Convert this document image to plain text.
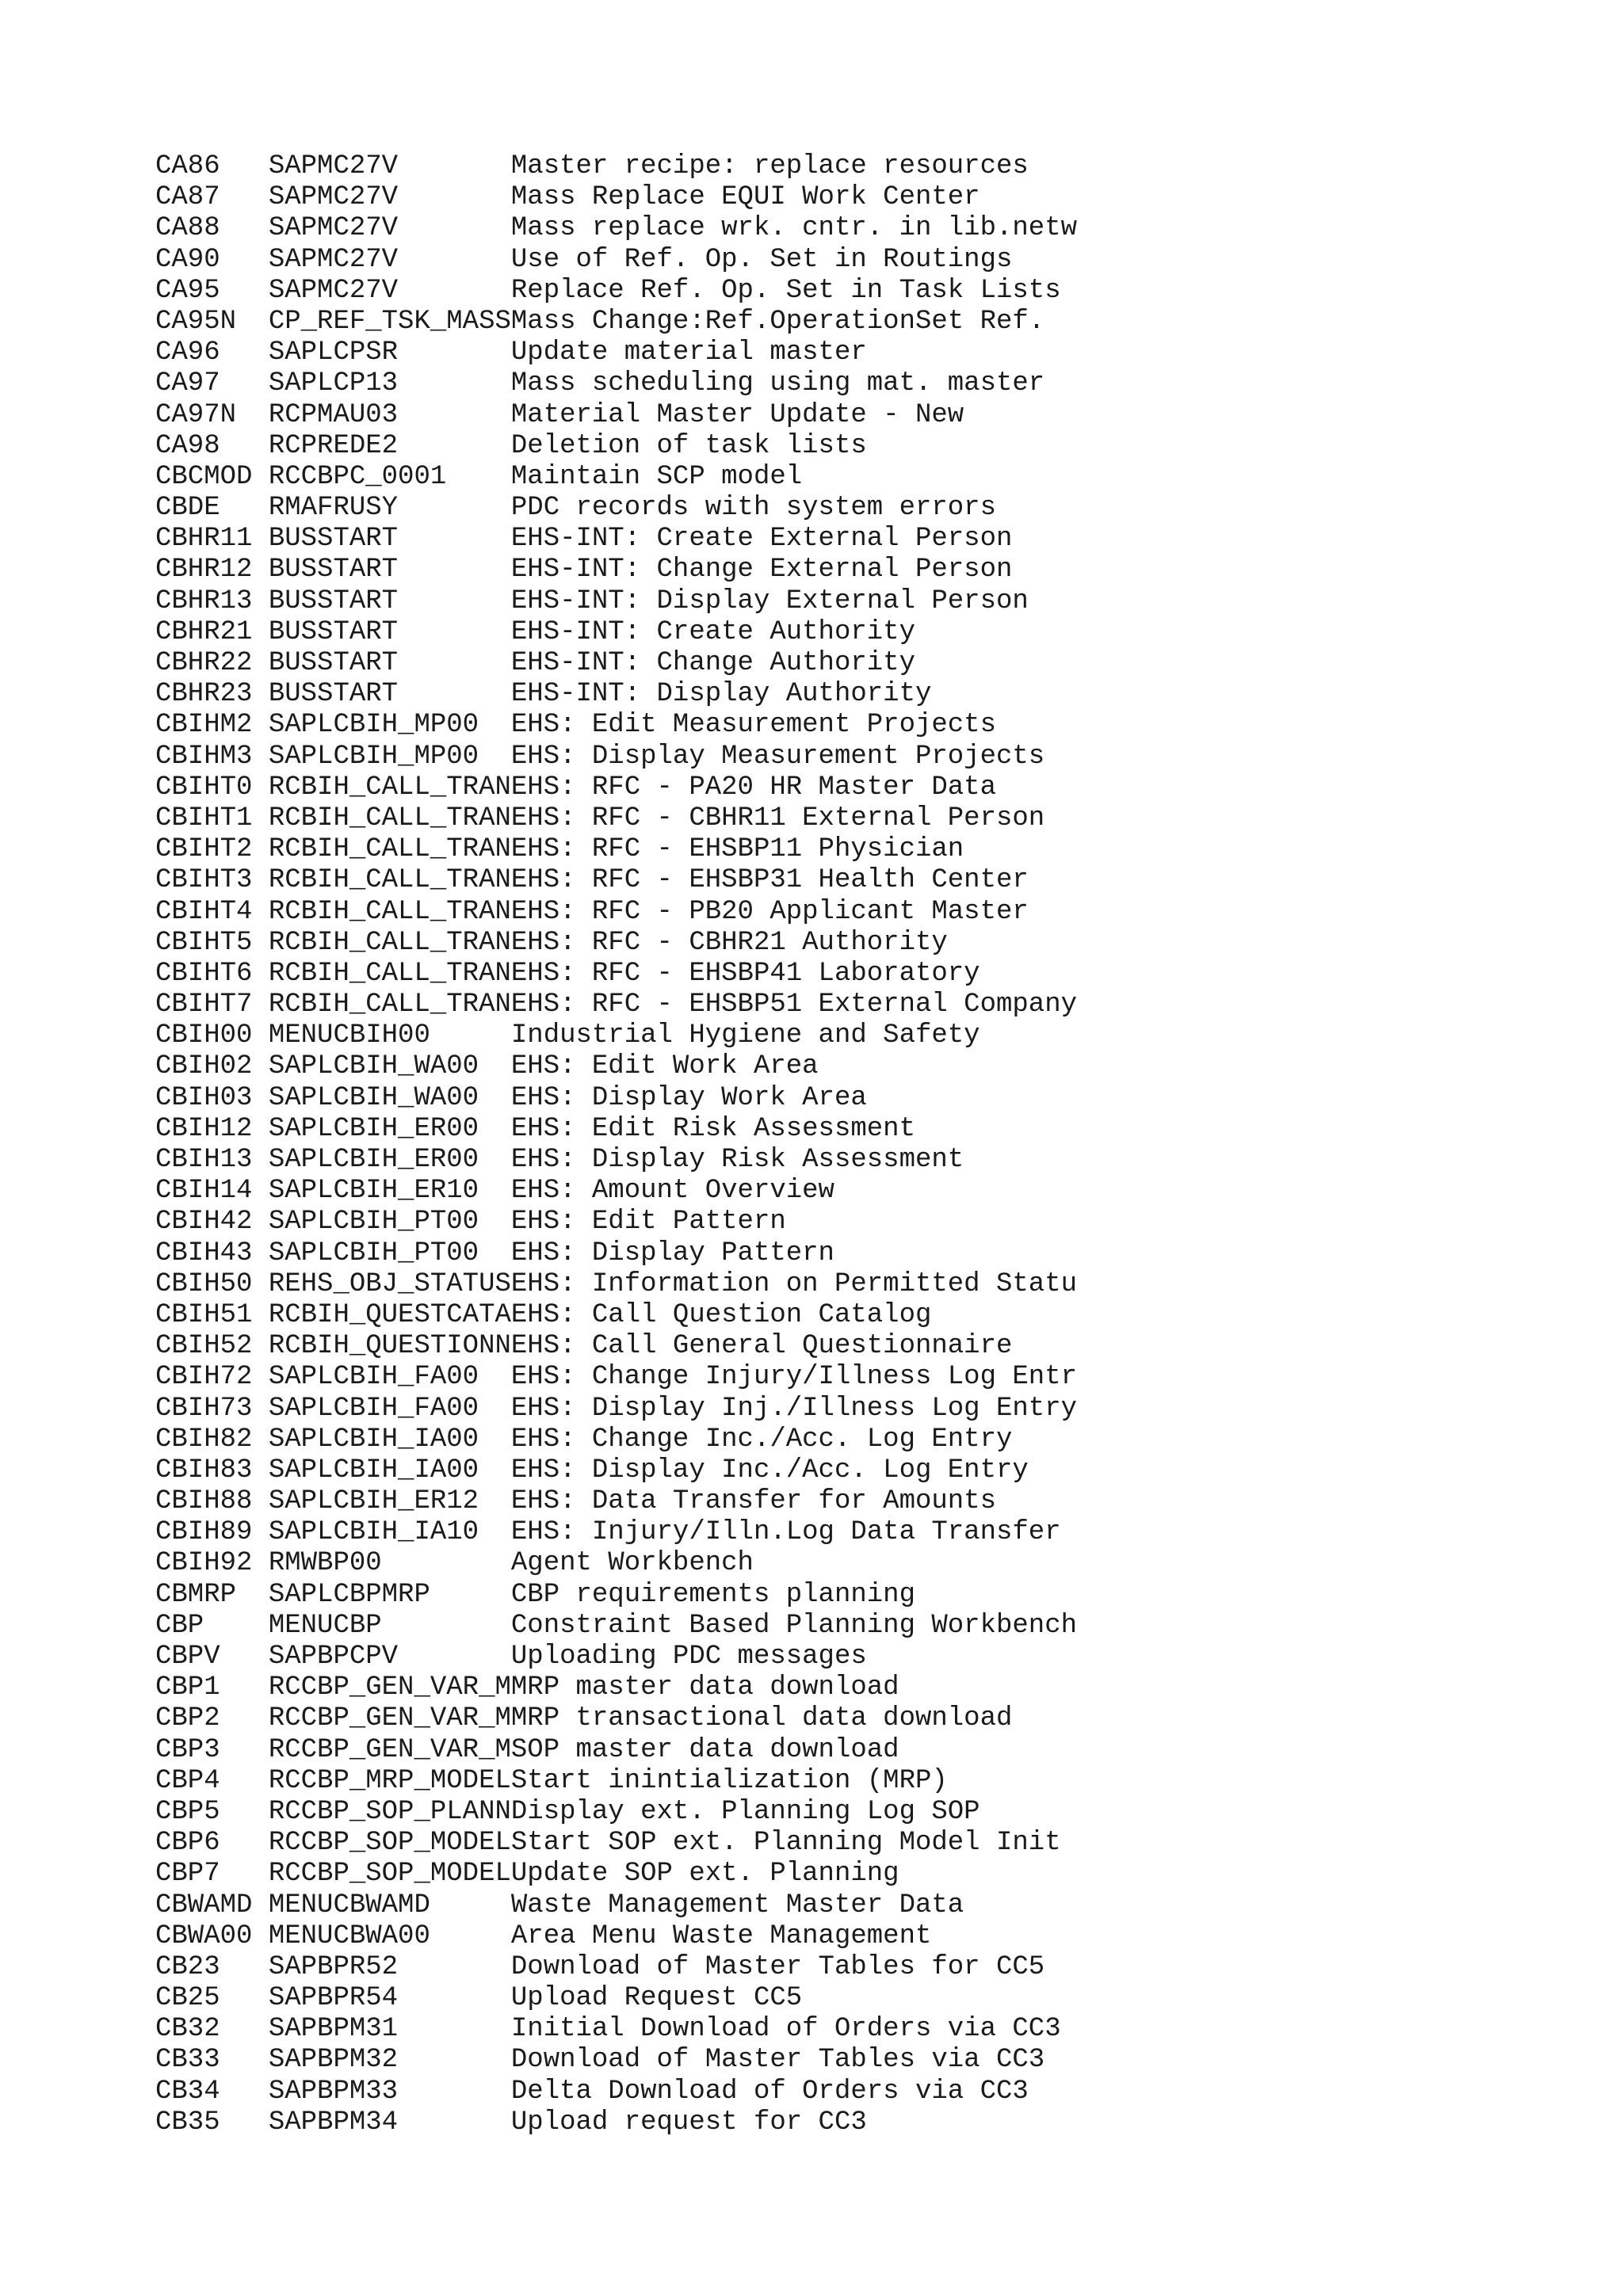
CA86   SAPMC27V       Master recipe: replace resources
CA87   SAPMC27V       Mass Replace EQUI Work Center
CA88   SAPMC27V       Mass replace wrk. cntr. in lib.netw
CA90   SAPMC27V       Use of Ref. Op. Set in Routings
CA95   SAPMC27V       Replace Ref. Op. Set in Task Lists
CA95N  CP_REF_TSK_MASSMass Change:Ref.OperationSet Ref.
CA96   SAPLCPSR       Update material master
CA97   SAPLCP13       Mass scheduling using mat. master
CA97N  RCPMAU03       Material Master Update - New
CA98   RCPREDE2       Deletion of task lists
CBCMOD RCCBPC_0001    Maintain SCP model
CBDE   RMAFRUSY       PDC records with system errors
CBHR11 BUSSTART       EHS-INT: Create External Person
CBHR12 BUSSTART       EHS-INT: Change External Person
CBHR13 BUSSTART       EHS-INT: Display External Person
CBHR21 BUSSTART       EHS-INT: Create Authority
CBHR22 BUSSTART       EHS-INT: Change Authority
CBHR23 BUSSTART       EHS-INT: Display Authority
CBIHM2 SAPLCBIH_MP00  EHS: Edit Measurement Projects
CBIHM3 SAPLCBIH_MP00  EHS: Display Measurement Projects
CBIHT0 RCBIH_CALL_TRANEHS: RFC - PA20 HR Master Data
CBIHT1 RCBIH_CALL_TRANEHS: RFC - CBHR11 External Person
CBIHT2 RCBIH_CALL_TRANEHS: RFC - EHSBP11 Physician
CBIHT3 RCBIH_CALL_TRANEHS: RFC - EHSBP31 Health Center
CBIHT4 RCBIH_CALL_TRANEHS: RFC - PB20 Applicant Master
CBIHT5 RCBIH_CALL_TRANEHS: RFC - CBHR21 Authority
CBIHT6 RCBIH_CALL_TRANEHS: RFC - EHSBP41 Laboratory
CBIHT7 RCBIH_CALL_TRANEHS: RFC - EHSBP51 External Company
CBIH00 MENUCBIH00     Industrial Hygiene and Safety
CBIH02 SAPLCBIH_WA00  EHS: Edit Work Area
CBIH03 SAPLCBIH_WA00  EHS: Display Work Area
CBIH12 SAPLCBIH_ER00  EHS: Edit Risk Assessment
CBIH13 SAPLCBIH_ER00  EHS: Display Risk Assessment
CBIH14 SAPLCBIH_ER10  EHS: Amount Overview
CBIH42 SAPLCBIH_PT00  EHS: Edit Pattern
CBIH43 SAPLCBIH_PT00  EHS: Display Pattern
CBIH50 REHS_OBJ_STATUSEHS: Information on Permitted Statu
CBIH51 RCBIH_QUESTCATAEHS: Call Question Catalog
CBIH52 RCBIH_QUESTIONNEHS: Call General Questionnaire
CBIH72 SAPLCBIH_FA00  EHS: Change Injury/Illness Log Entr
CBIH73 SAPLCBIH_FA00  EHS: Display Inj./Illness Log Entry
CBIH82 SAPLCBIH_IA00  EHS: Change Inc./Acc. Log Entry
CBIH83 SAPLCBIH_IA00  EHS: Display Inc./Acc. Log Entry
CBIH88 SAPLCBIH_ER12  EHS: Data Transfer for Amounts
CBIH89 SAPLCBIH_IA10  EHS: Injury/Illn.Log Data Transfer
CBIH92 RMWBP00        Agent Workbench
CBMRP  SAPLCBPMRP     CBP requirements planning
CBP    MENUCBP        Constraint Based Planning Workbench
CBPV   SAPBPCPV       Uploading PDC messages
CBP1   RCCBP_GEN_VAR_MMRP master data download
CBP2   RCCBP_GEN_VAR_MMRP transactional data download
CBP3   RCCBP_GEN_VAR_MSOP master data download
CBP4   RCCBP_MRP_MODELStart inintialization (MRP)
CBP5   RCCBP_SOP_PLANNDisplay ext. Planning Log SOP
CBP6   RCCBP_SOP_MODELStart SOP ext. Planning Model Init
CBP7   RCCBP_SOP_MODELUpdate SOP ext. Planning
CBWAMD MENUCBWAMD     Waste Management Master Data
CBWA00 MENUCBWA00     Area Menu Waste Management
CB23   SAPBPR52       Download of Master Tables for CC5
CB25   SAPBPR54       Upload Request CC5
CB32   SAPBPM31       Initial Download of Orders via CC3
CB33   SAPBPM32       Download of Master Tables via CC3
CB34   SAPBPM33       Delta Download of Orders via CC3
CB35   SAPBPM34       Upload request for CC3
